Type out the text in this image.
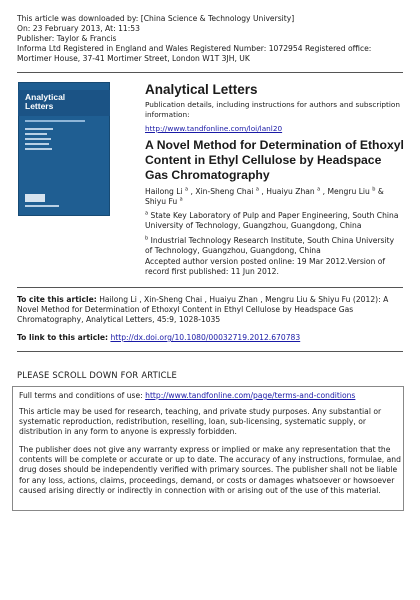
This article was downloaded by: [China Science & Technology University]
On: 23 February 2013, At: 11:53
Publisher: Taylor & Francis
Informa Ltd Registered in England and Wales Registered Number: 1072954 Registered office: Mortimer House, 37-41 Mortimer Street, London W1T 3JH, UK
Analytical
Letters
Analytical Letters
Publication details, including instructions for authors and subscription information:
http://www.tandfonline.com/loi/lanl20
A Novel Method for Determination of Ethoxyl Content in Ethyl Cellulose by Headspace Gas Chromatography
Hailong Li $^a$ , Xin-Sheng Chai $^a$ , Huaiyu Zhan $^a$ , Mengru Liu $^b$ & Shiyu Fu $^a$
$^a$ State Key Laboratory of Pulp and Paper Engineering, South China University of Technology, Guangzhou, Guangdong, China
$^b$ Industrial Technology Research Institute, South China University of Technology, Guangzhou, Guangdong, China
Accepted author version posted online: 19 Mar 2012.Version of record first published: 11 Jun 2012.
To cite this article: Hailong Li , Xin-Sheng Chai , Huaiyu Zhan , Mengru Liu & Shiyu Fu (2012): A Novel Method for Determination of Ethoxyl Content in Ethyl Cellulose by Headspace Gas Chromatography, Analytical Letters, 45:9, 1028-1035
To link to this article: http://dx.doi.org/10.1080/00032719.2012.670783
PLEASE SCROLL DOWN FOR ARTICLE
Full terms and conditions of use: http://www.tandfonline.com/page/terms-and-conditions
This article may be used for research, teaching, and private study purposes. Any substantial or systematic reproduction, redistribution, reselling, loan, sub-licensing, systematic supply, or distribution in any form to anyone is expressly forbidden.
The publisher does not give any warranty express or implied or make any representation that the contents will be complete or accurate or up to date. The accuracy of any instructions, formulae, and drug doses should be independently verified with primary sources. The publisher shall not be liable for any loss, actions, claims, proceedings, demand, or costs or damages whatsoever or howsoever caused arising directly or indirectly in connection with or arising out of the use of this material.
